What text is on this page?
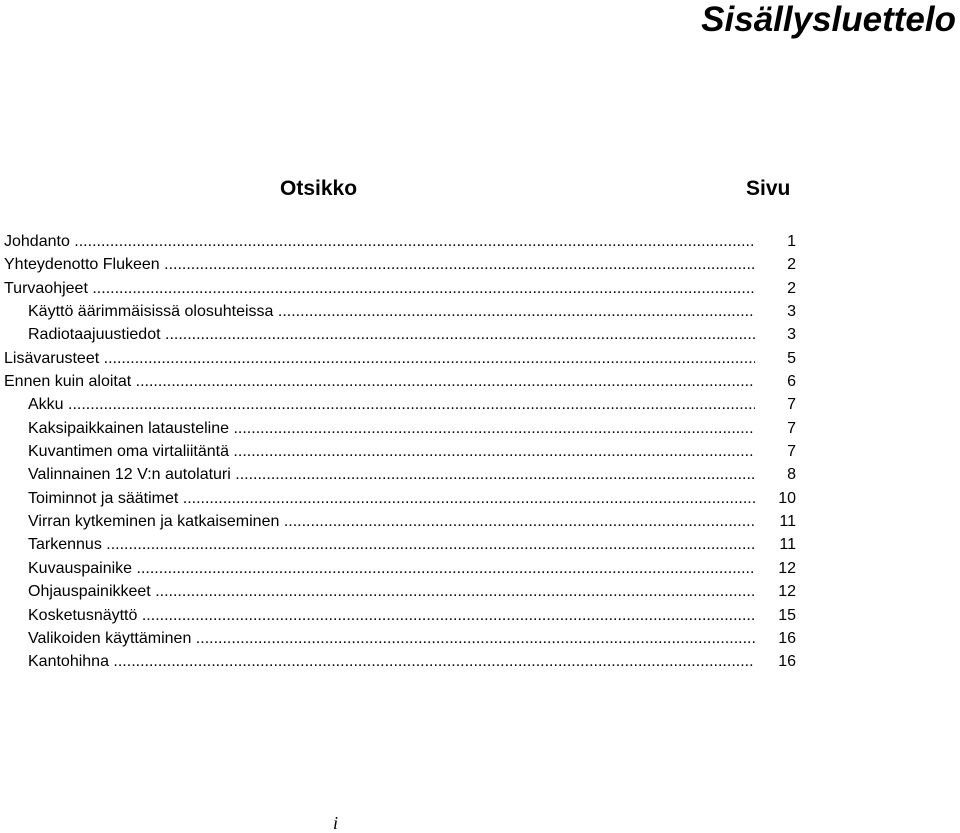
Sisällysluettelo
Otsikko	Sivu
Johdanto .....	1
Yhteydenotto Flukeen .....	2
Turvaohjeet .....	2
Käyttö äärimmäisissä olosuhteissa .....	3
Radiotaajuustiedot .....	3
Lisävarusteet .....	5
Ennen kuin aloitat .....	6
Akku .....	7
Kaksipaikkainen latausteline .....	7
Kuvantimen oma virtaliitäntä .....	7
Valinnainen 12 V:n autolaturi .....	8
Toiminnot ja säätimet .....	10
Virran kytkeminen ja katkaiseminen .....	11
Tarkennus .....	11
Kuvauspainike .....	12
Ohjauspainikkeet .....	12
Kosketusnäyttö .....	15
Valikoiden käyttäminen .....	16
Kantohihna .....	16
i
